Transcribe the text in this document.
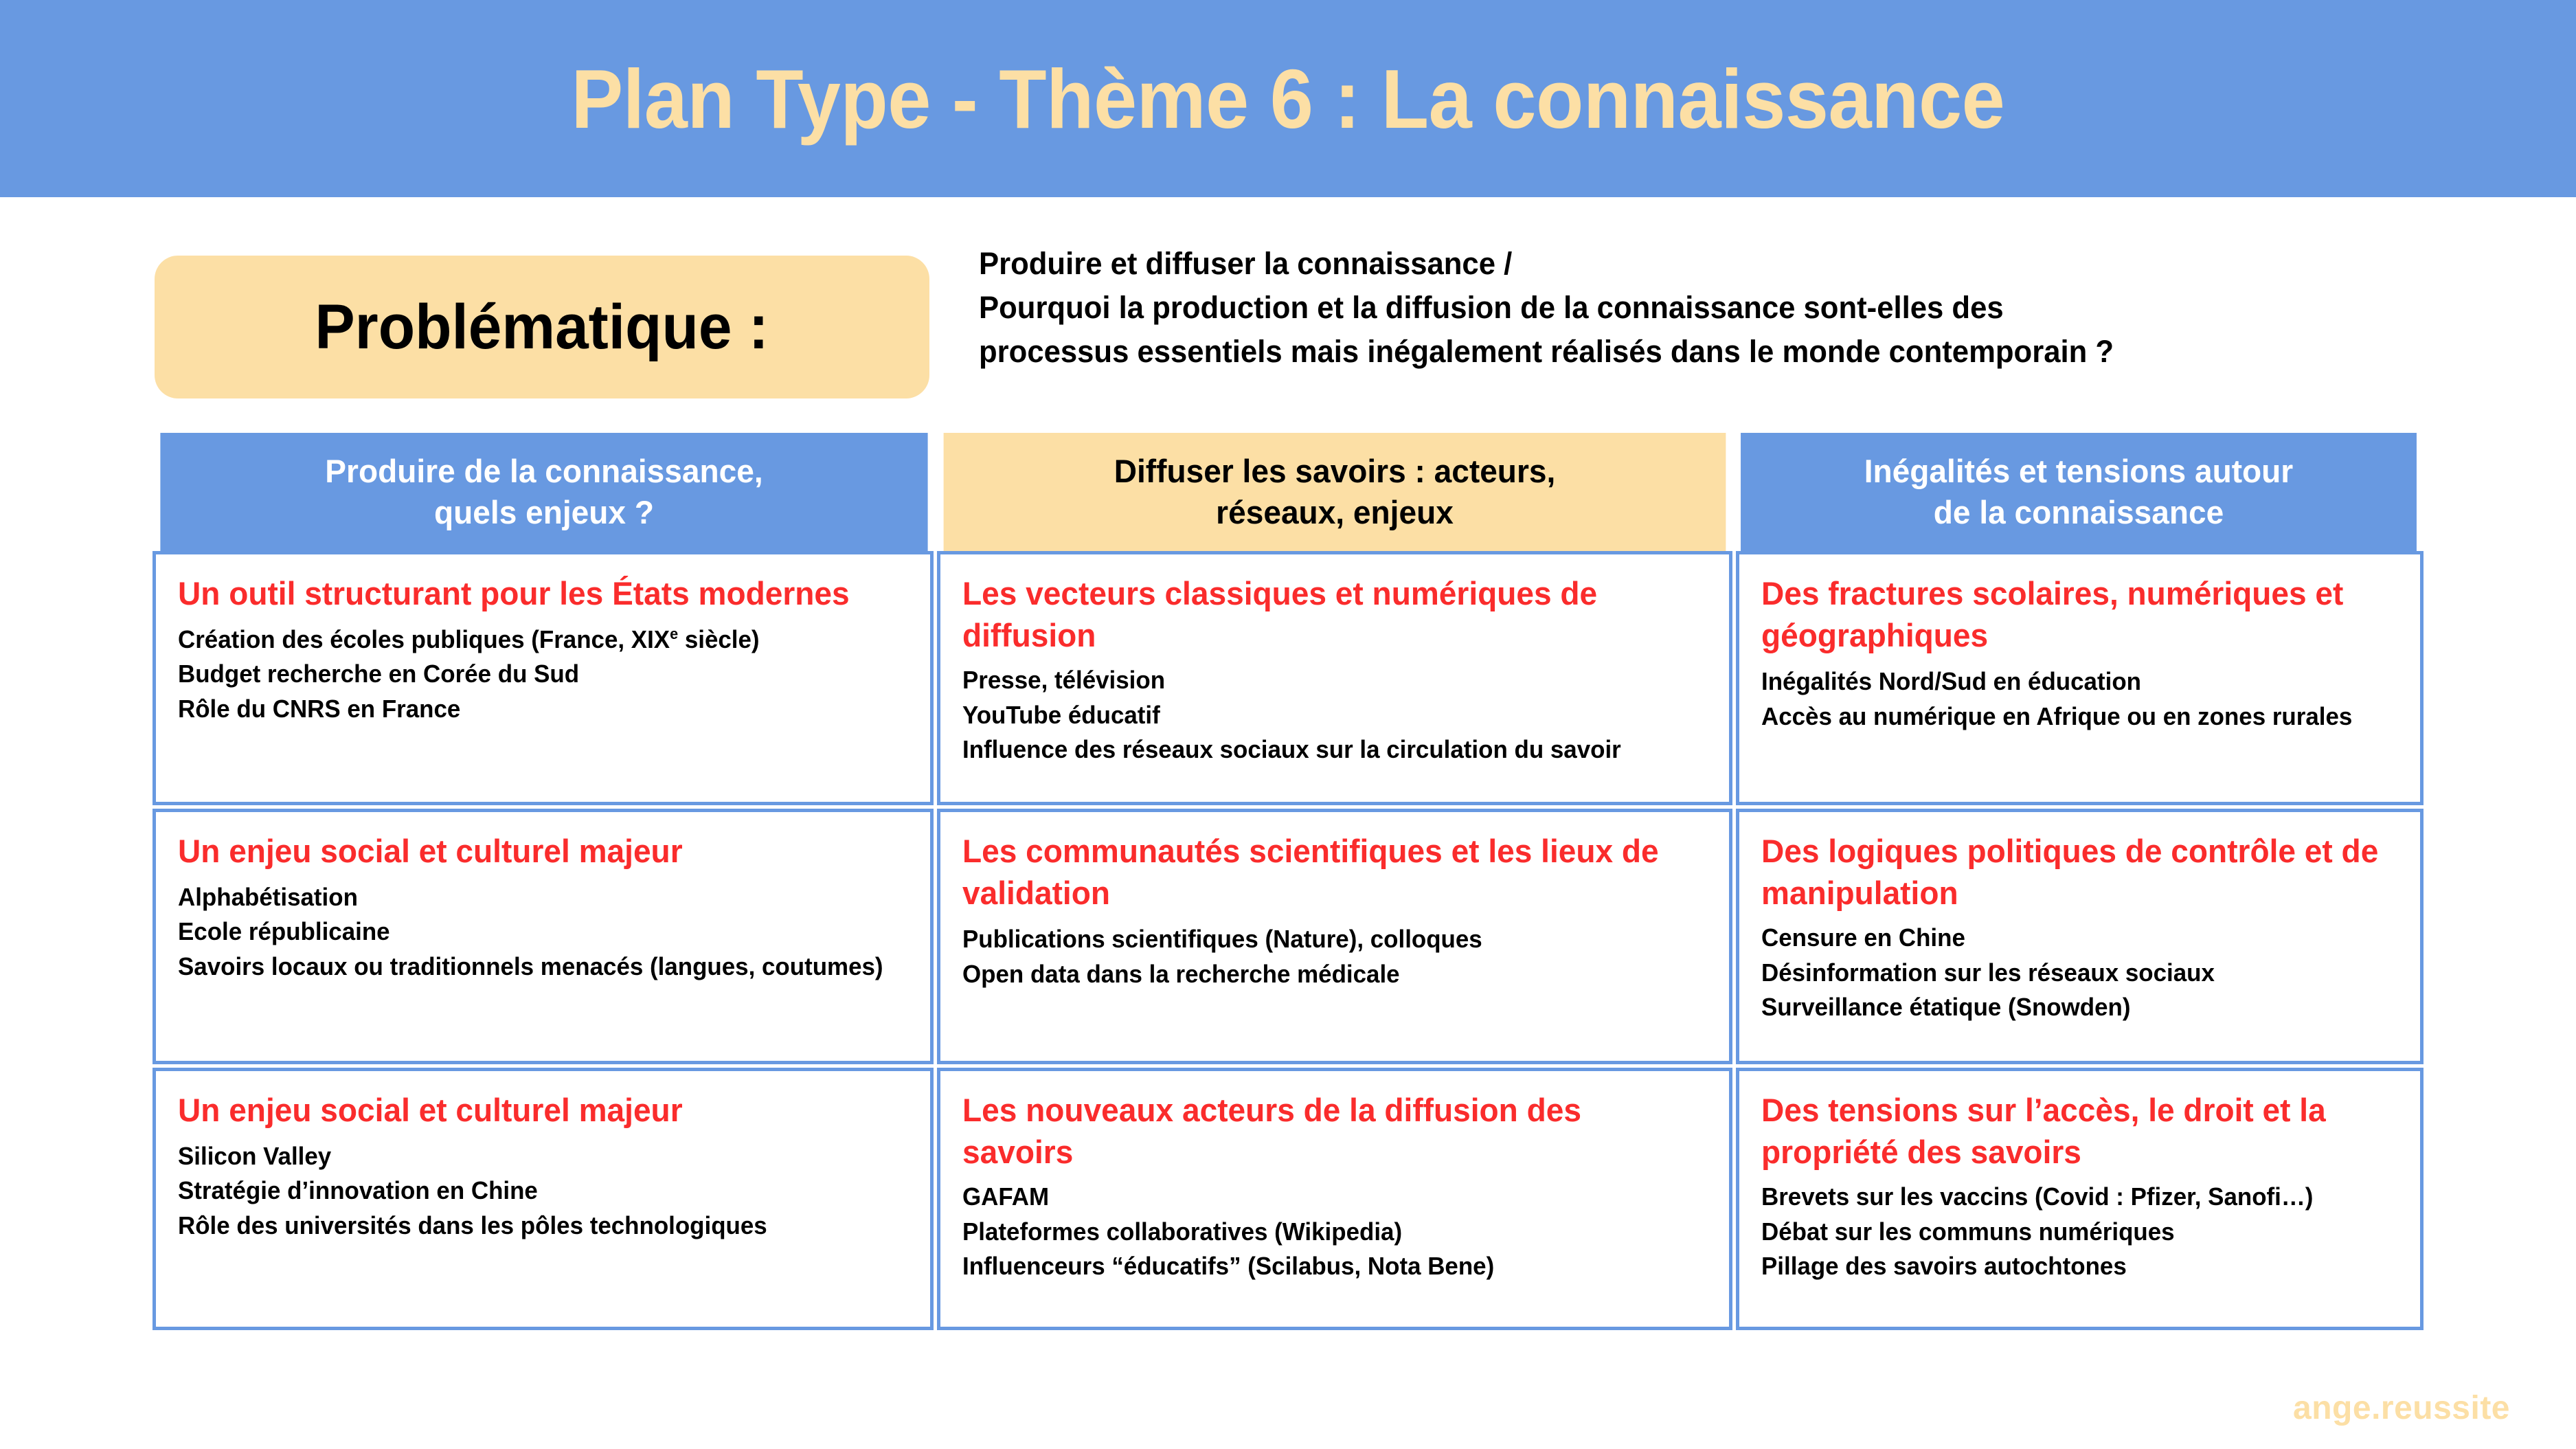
Plan Type - Thème 6 : La connaissance
Problématique :
Produire et diffuser la connaissance /
Pourquoi la production et la diffusion de la connaissance sont-elles des
processus essentiels mais inégalement réalisés dans le monde contemporain ?
Produire de la connaissance,
quels enjeux ?
Diffuser les savoirs : acteurs,
réseaux, enjeux
Inégalités et tensions autour
de la connaissance
Un outil structurant pour les États modernes
Création des écoles publiques (France, XIXe siècle)
Budget recherche en Corée du Sud
Rôle du CNRS en France
Les vecteurs classiques et numériques de diffusion
Presse, télévision
YouTube éducatif
Influence des réseaux sociaux sur la circulation du savoir
Des fractures scolaires, numériques et géographiques
Inégalités Nord/Sud en éducation
Accès au numérique en Afrique ou en zones rurales
Un enjeu social et culturel majeur
Alphabétisation
Ecole républicaine
Savoirs locaux ou traditionnels menacés (langues, coutumes)
Les communautés scientifiques et les lieux de validation
Publications scientifiques (Nature), colloques
Open data dans la recherche médicale
Des logiques politiques de contrôle et de manipulation
Censure en Chine
Désinformation sur les réseaux sociaux
Surveillance étatique (Snowden)
Un enjeu social et culturel majeur
Silicon Valley
Stratégie d’innovation en Chine
Rôle des universités dans les pôles technologiques
Les nouveaux acteurs de la diffusion des savoirs
GAFAM
Plateformes collaboratives (Wikipedia)
Influenceurs “éducatifs” (Scilabus, Nota Bene)
Des tensions sur l’accès, le droit et la propriété des savoirs
Brevets sur les vaccins (Covid : Pfizer, Sanofi…)
Débat sur les communs numériques
Pillage des savoirs autochtones
ange.reussite
